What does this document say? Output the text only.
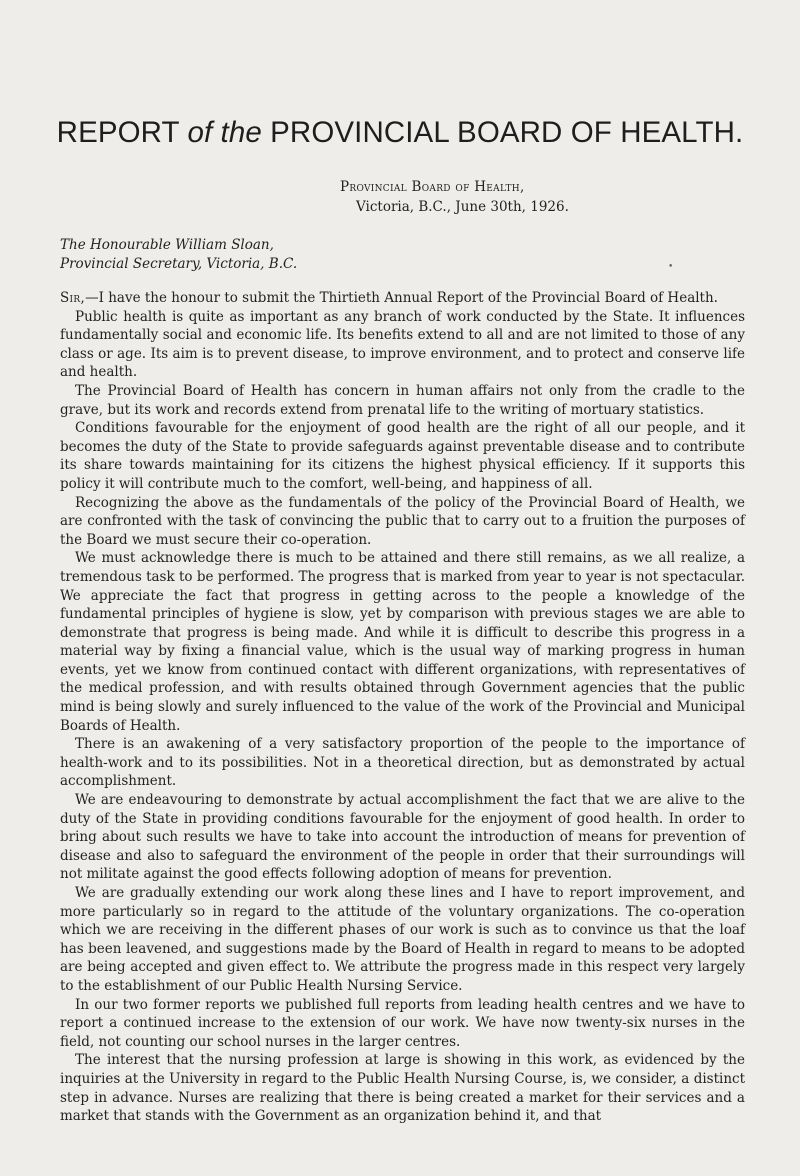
REPORT of the PROVINCIAL BOARD OF HEALTH.
Provincial Board of Health,
Victoria, B.C., June 30th, 1926.
The Honourable William Sloan,
Provincial Secretary, Victoria, B.C.	•

Sir,—I have the honour to submit the Thirtieth Annual Report of the Provincial Board of Health.

Public health is quite as important as any branch of work conducted by the State. It influences fundamentally social and economic life. Its benefits extend to all and are not limited to those of any class or age. Its aim is to prevent disease, to improve environment, and to protect and conserve life and health.

The Provincial Board of Health has concern in human affairs not only from the cradle to the grave, but its work and records extend from prenatal life to the writing of mortuary statistics.

Conditions favourable for the enjoyment of good health are the right of all our people, and it becomes the duty of the State to provide safeguards against preventable disease and to contribute its share towards maintaining for its citizens the highest physical efficiency. If it supports this policy it will contribute much to the comfort, well-being, and happiness of all.

Recognizing the above as the fundamentals of the policy of the Provincial Board of Health, we are confronted with the task of convincing the public that to carry out to a fruition the purposes of the Board we must secure their co-operation.

We must acknowledge there is much to be attained and there still remains, as we all realize, a tremendous task to be performed. The progress that is marked from year to year is not spectacular. We appreciate the fact that progress in getting across to the people a knowledge of the fundamental principles of hygiene is slow, yet by comparison with previous stages we are able to demonstrate that progress is being made. And while it is difficult to describe this progress in a material way by fixing a financial value, which is the usual way of marking progress in human events, yet we know from continued contact with different organizations, with representatives of the medical profession, and with results obtained through Government agencies that the public mind is being slowly and surely influenced to the value of the work of the Provincial and Municipal Boards of Health.

There is an awakening of a very satisfactory proportion of the people to the importance of health-work and to its possibilities. Not in a theoretical direction, but as demonstrated by actual accomplishment.

We are endeavouring to demonstrate by actual accomplishment the fact that we are alive to the duty of the State in providing conditions favourable for the enjoyment of good health. In order to bring about such results we have to take into account the introduction of means for prevention of disease and also to safeguard the environment of the people in order that their surroundings will not militate against the good effects following adoption of means for prevention.

We are gradually extending our work along these lines and I have to report improvement, and more particularly so in regard to the attitude of the voluntary organizations. The co-operation which we are receiving in the different phases of our work is such as to convince us that the loaf has been leavened, and suggestions made by the Board of Health in regard to means to be adopted are being accepted and given effect to. We attribute the progress made in this respect very largely to the establishment of our Public Health Nursing Service.

In our two former reports we published full reports from leading health centres and we have to report a continued increase to the extension of our work. We have now twenty-six nurses in the field, not counting our school nurses in the larger centres.

The interest that the nursing profession at large is showing in this work, as evidenced by the inquiries at the University in regard to the Public Health Nursing Course, is, we consider, a distinct step in advance. Nurses are realizing that there is being created a market for their services and a market that stands with the Government as an organization behind it, and that
